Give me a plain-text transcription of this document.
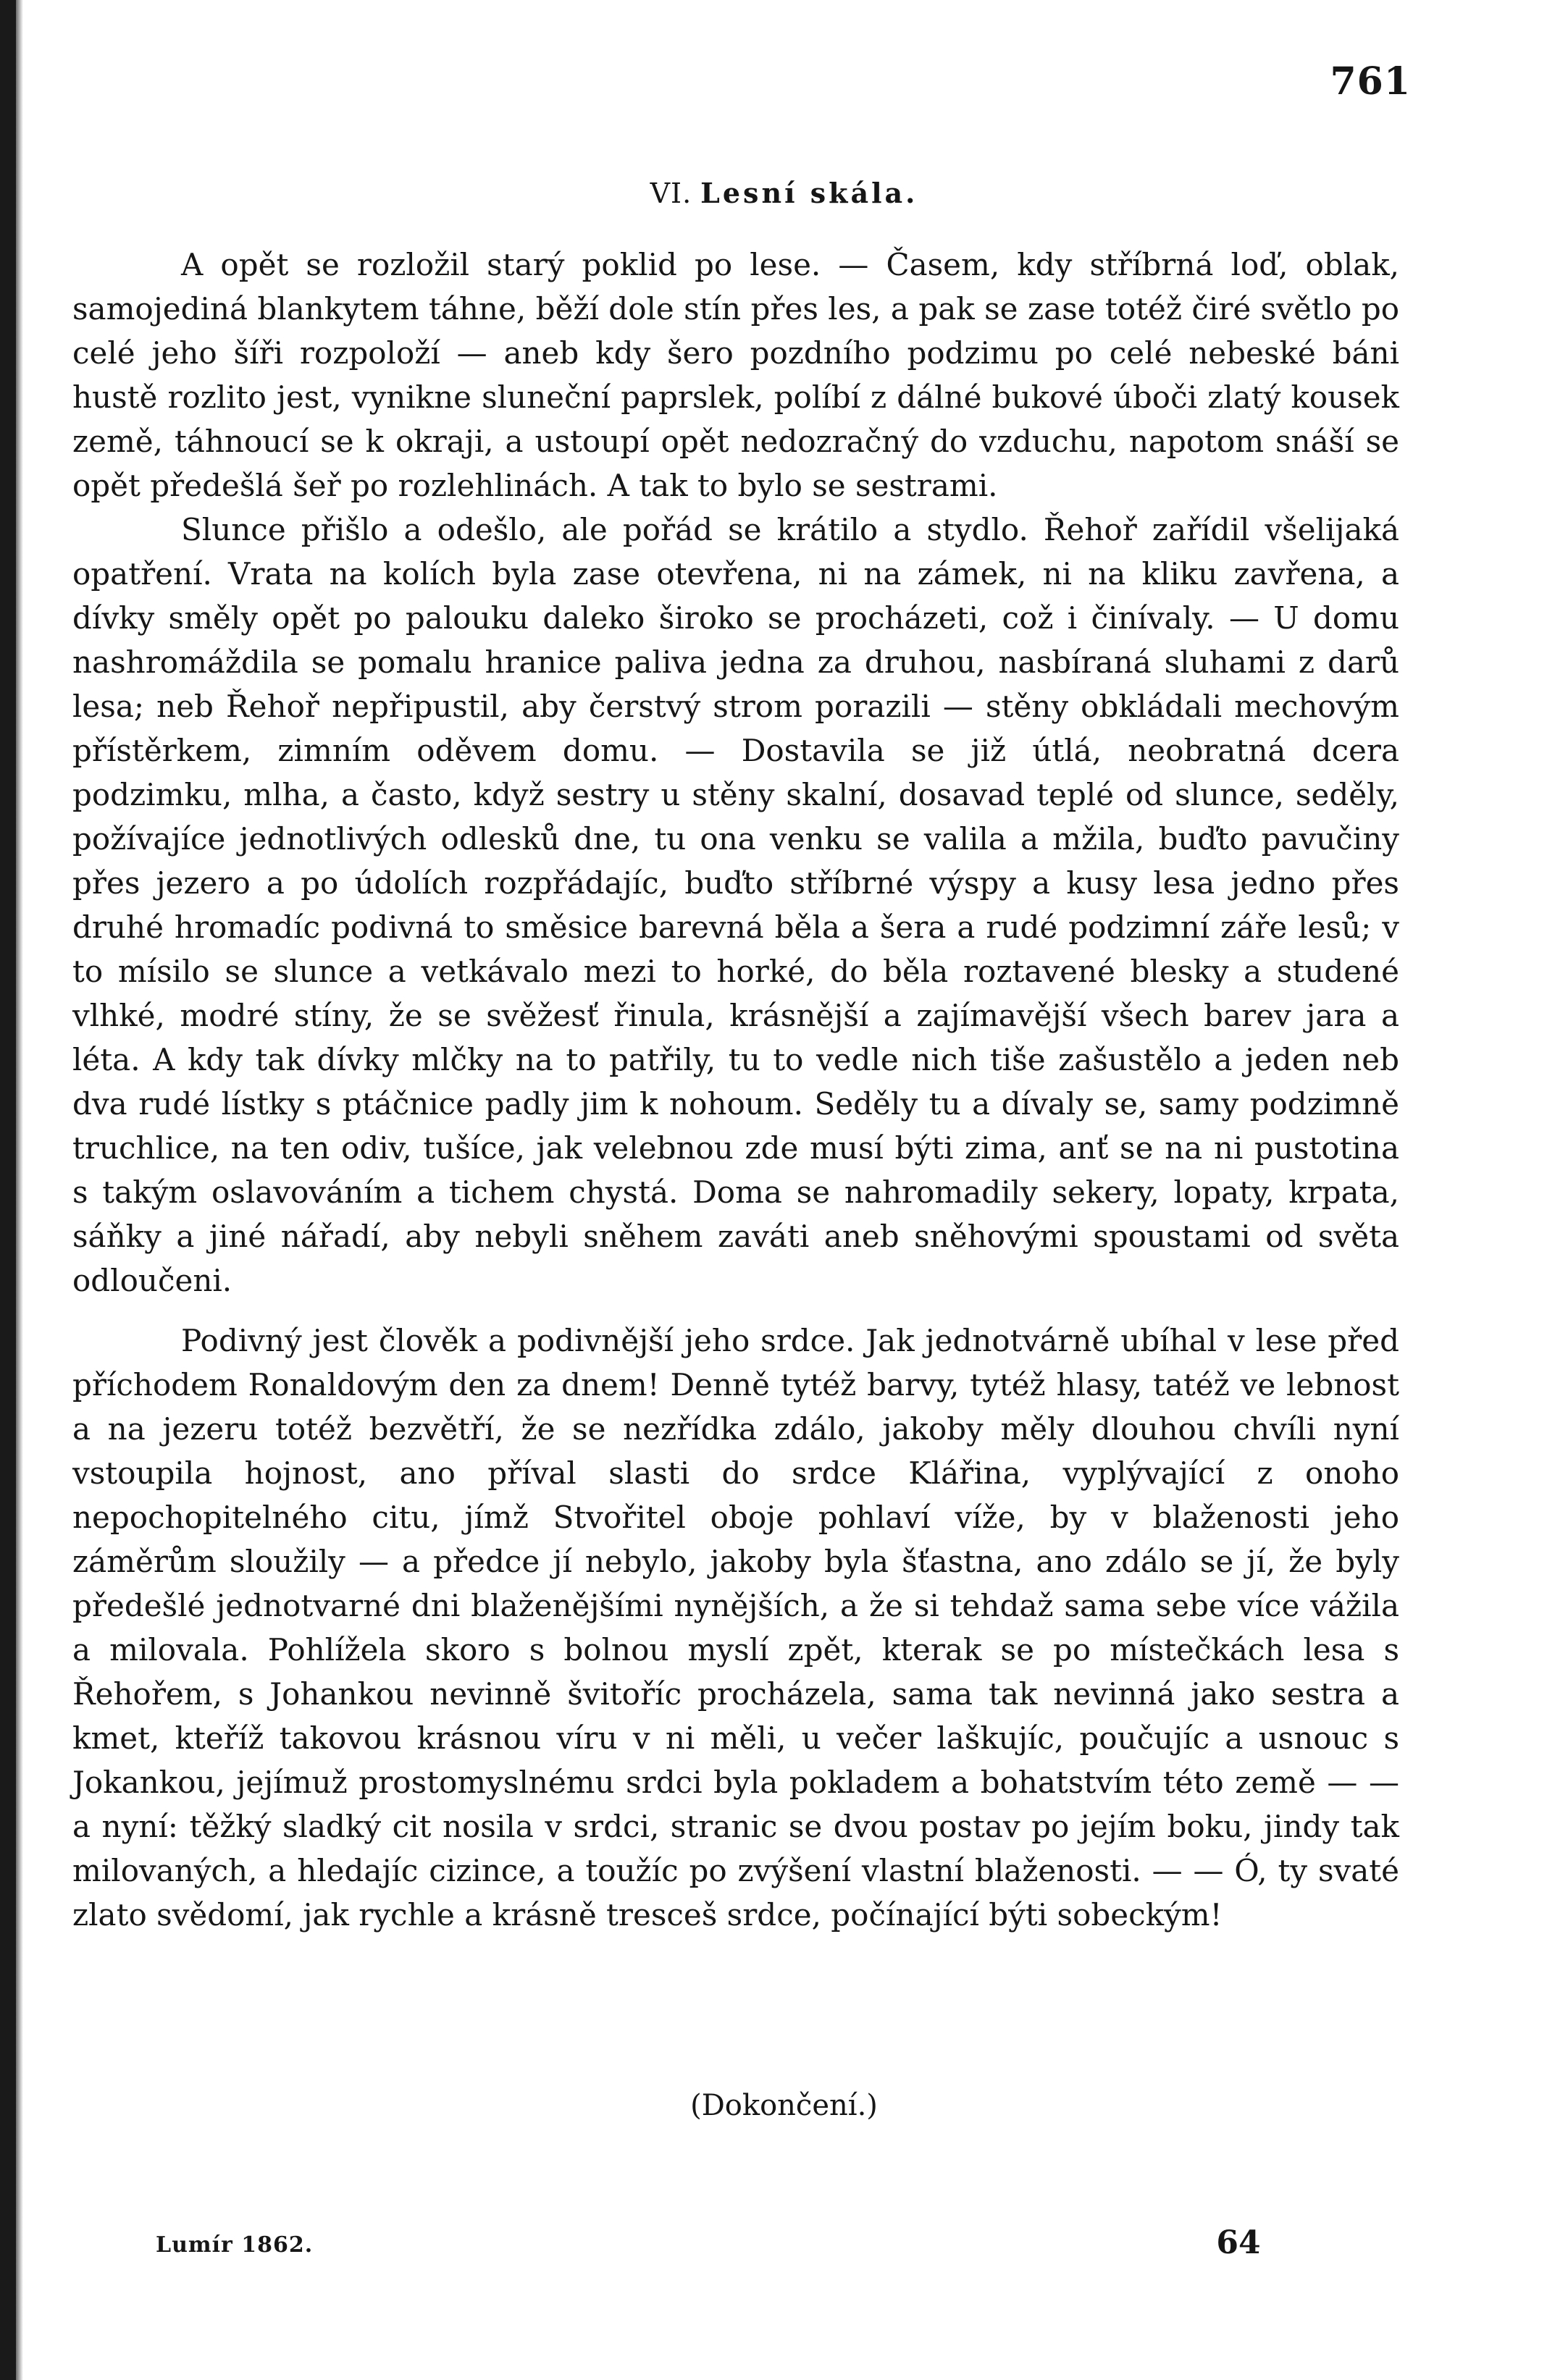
761
VI. Lesní skála.

A opět se rozložil starý poklid po lese. — Časem, kdy stříbrná loď, oblak, samojediná blankytem táhne, běží dole stín přes les, a pak se zase totéž čiré světlo po celé jeho šíři rozpoloží — aneb kdy šero pozdního podzimu po celé nebeské báni hustě rozlito jest, vynikne sluneční paprslek, políbí z dálné bukové úboči zlatý kousek země, táhnoucí se k okraji, a ustoupí opět nedozračný do vzduchu, napotom snáší se opět předešlá šeř po rozlehlinách. A tak to bylo se sestrami.

Slunce přišlo a odešlo, ale pořád se krátilo a stydlo. Řehoř zařídil všelijaká opatření. Vrata na kolích byla zase otevřena, ni na zámek, ni na kliku zavřena, a dívky směly opět po palouku daleko široko se procházeti, což i činívaly. — U domu nashromáždila se pomalu hranice paliva jedna za druhou, nasbíraná sluhami z darů lesa; neb Řehoř nepřipustil, aby čerstvý strom porazili — stěny obkládali mechovým přístěrkem, zimním oděvem domu. — Dostavila se již útlá, neobratná dcera podzimku, mlha, a často, když sestry u stěny skalní, dosavad teplé od slunce, seděly, požívajíce jednotlivých odlesků dne, tu ona venku se valila a mžila, buďto pavučiny přes jezero a po údolích rozpřádajíc, buďto stříbrné výspy a kusy lesa jedno přes druhé hromadíc podivná to směsice barevná běla a šera a rudé podzimní záře lesů; v to mísilo se slunce a vetkávalo mezi to horké, do běla roztavené blesky a studené vlhké, modré stíny, že se svěžesť řinula, krásnější a zajímavější všech barev jara a léta. A kdy tak dívky mlčky na to patřily, tu to vedle nich tiše zašustělo a jeden neb dva rudé lístky s ptáčnice padly jim k nohoum. Seděly tu a dívaly se, samy podzimně truchlice, na ten odiv, tušíce, jak velebnou zde musí býti zima, anť se na ni pustotina s takým oslavováním a tichem chystá. Doma se nahromadily sekery, lopaty, krpata, sáňky a jiné nářadí, aby nebyli sněhem zaváti aneb sněhovými spoustami od světa odloučeni.

Podivný jest člověk a podivnější jeho srdce. Jak jednotvárně ubíhal v lese před příchodem Ronaldovým den za dnem! Denně tytéž barvy, tytéž hlasy, tatéž ve lebnost a na jezeru totéž bezvětří, že se nezřídka zdálo, jakoby měly dlouhou chvíli nyní vstoupila hojnost, ano příval slasti do srdce Klářina, vyplývající z onoho nepochopitelného citu, jímž Stvořitel oboje pohlaví víže, by v blaženosti jeho záměrům sloužily — a předce jí nebylo, jakoby byla šťastna, ano zdálo se jí, že byly předešlé jednotvarné dni blaženějšími nynějších, a že si tehdaž sama sebe více vážila a milovala. Pohlížela skoro s bolnou myslí zpět, kterak se po místečkách lesa s Řehořem, s Johankou nevinně švitoříc procházela, sama tak nevinná jako sestra a kmet, kteříž takovou krásnou víru v ni měli, u večer laškujíc, poučujíc a usnouc s Jokankou, jejímuž prostomyslnému srdci byla pokladem a bohatstvím této země — — a nyní: těžký sladký cit nosila v srdci, stranic se dvou postav po jejím boku, jindy tak milovaných, a hledajíc cizince, a toužíc po zvýšení vlastní blaženosti. — — Ó, ty svaté zlato svědomí, jak rychle a krásně tresceš srdce, počínající býti sobeckým!

(Dokončení.)
Lumír 1862.	64
